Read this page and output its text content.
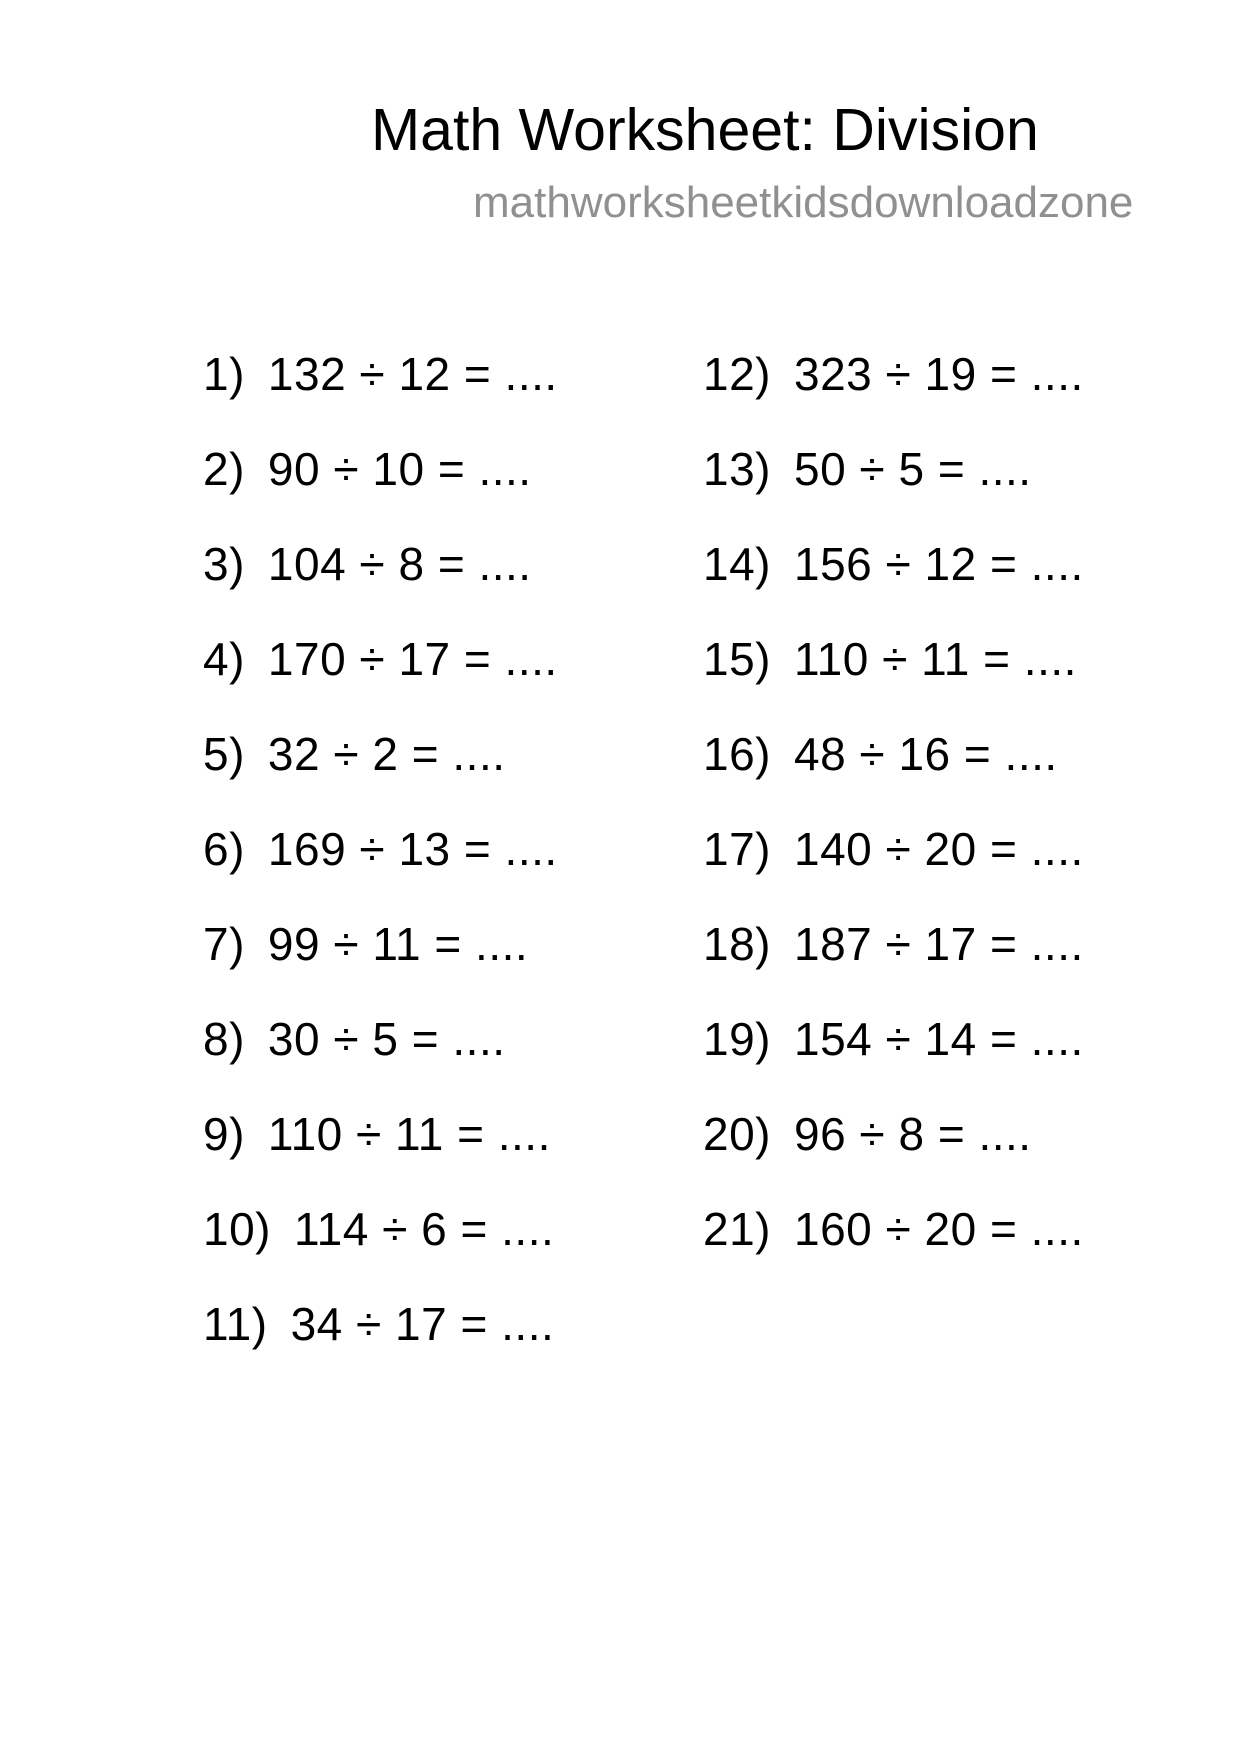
Math Worksheet: Division
mathworksheetkidsdownloadzone
1) 132 ÷ 12 = ....
2) 90 ÷ 10 = ....
3) 104 ÷ 8 = ....
4) 170 ÷ 17 = ....
5) 32 ÷ 2 = ....
6) 169 ÷ 13 = ....
7) 99 ÷ 11 = ....
8) 30 ÷ 5 = ....
9) 110 ÷ 11 = ....
10) 114 ÷ 6 = ....
11) 34 ÷ 17 = ....
12) 323 ÷ 19 = ....
13) 50 ÷ 5 = ....
14) 156 ÷ 12 = ....
15) 110 ÷ 11 = ....
16) 48 ÷ 16 = ....
17) 140 ÷ 20 = ....
18) 187 ÷ 17 = ....
19) 154 ÷ 14 = ....
20) 96 ÷ 8 = ....
21) 160 ÷ 20 = ....
